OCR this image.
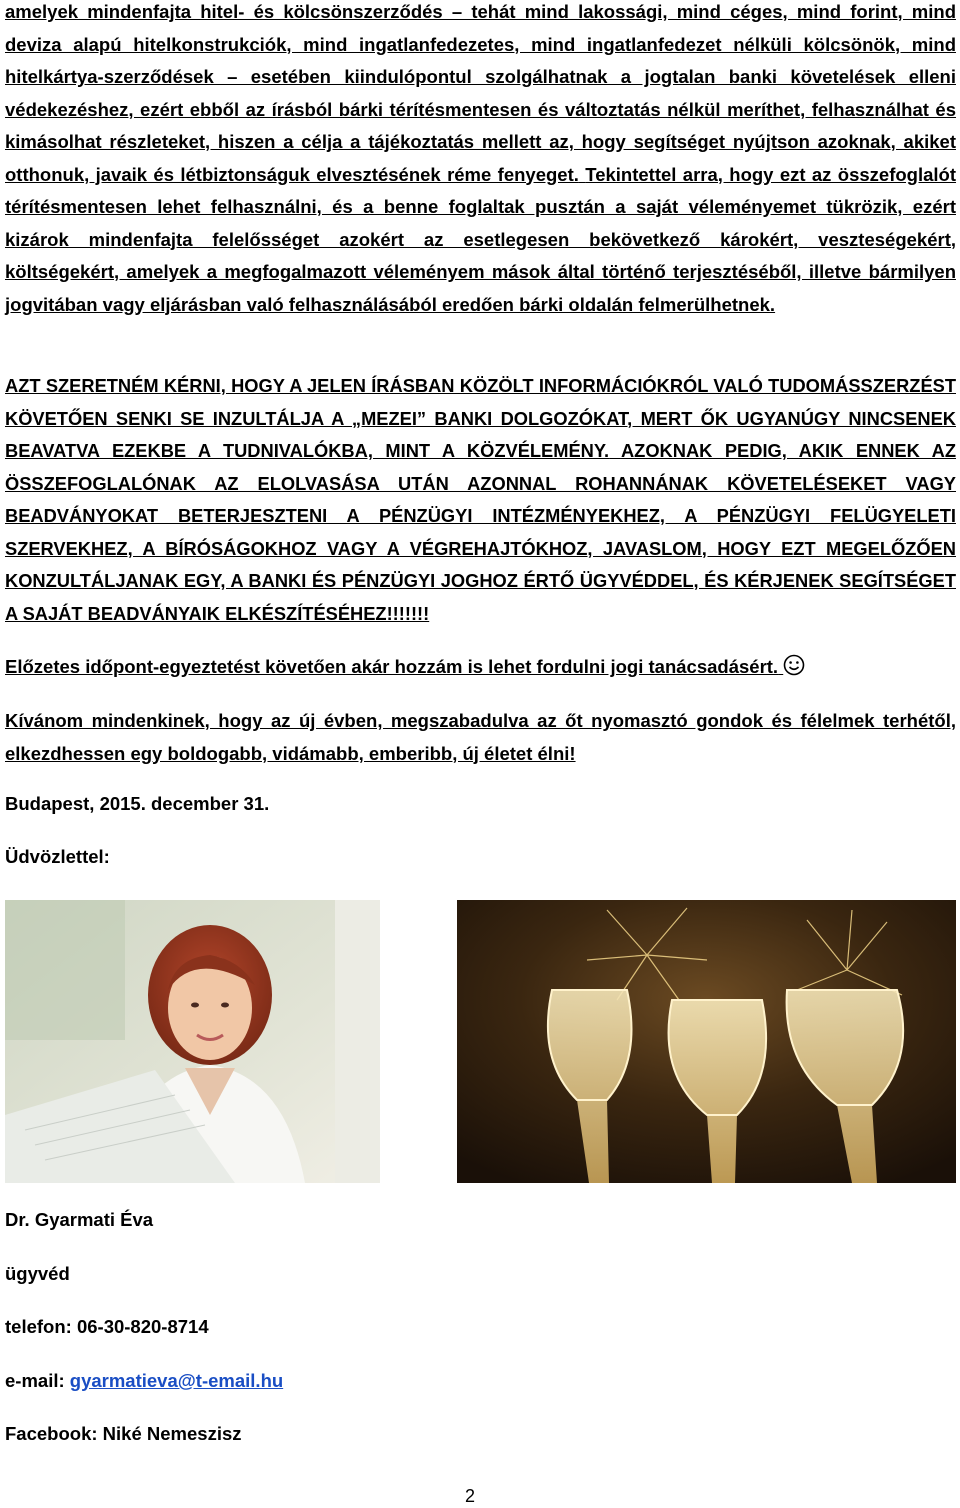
amelyek mindenfajta hitel- és kölcsönszerződés – tehát mind lakossági, mind céges, mind forint, mind deviza alapú hitelkonstrukciók, mind ingatlanfedezetes, mind ingatlanfedezet nélküli kölcsönök, mind hitelkártya-szerződések – esetében kiindulópontul szolgálhatnak a jogtalan banki követelések elleni védekezéshez, ezért ebből az írásból bárki térítésmentesen és változtatás nélkül meríthet, felhasználhat és kimásolhat részleteket, hiszen a célja a tájékoztatás mellett az, hogy segítséget nyújtson azoknak, akiket otthonuk, javaik és létbiztonságuk elvesztésének réme fenyeget. Tekintettel arra, hogy ezt az összefoglalót térítésmentesen lehet felhasználni, és a benne foglaltak pusztán a saját véleményemet tükrözik, ezért kizárok mindenfajta felelősséget azokért az esetlegesen bekövetkező károkért, veszteségekért, költségekért, amelyek a megfogalmazott véleményem mások által történő terjesztéséből, illetve bármilyen jogvitában vagy eljárásban való felhasználásából eredően bárki oldalán felmerülhetnek.

AZT SZERETNÉM KÉRNI, HOGY A JELEN ÍRÁSBAN KÖZÖLT INFORMÁCIÓKRÓL VALÓ TUDOMÁSSZERZÉST KÖVETŐEN SENKI SE INZULTÁLJA A „MEZEI” BANKI DOLGOZÓKAT, MERT ŐK UGYANÚGY NINCSENEK BEAVATVA EZEKBE A TUDNIVALÓKBA, MINT A KÖZVÉLEMÉNY. AZOKNAK PEDIG, AKIK ENNEK AZ ÖSSZEFOGLALÓNAK AZ ELOLVASÁSA UTÁN AZONNAL ROHANNÁNAK KÖVETELÉSEKET VAGY BEADVÁNYOKAT BETERJESZTENI A PÉNZÜGYI INTÉZMÉNYEKHEZ, A PÉNZÜGYI FELÜGYELETI SZERVEKHEZ, A BÍRÓSÁGOKHOZ VAGY A VÉGREHAJTÓKHOZ, JAVASLOM, HOGY EZT MEGELŐZŐEN KONZULTÁLJANAK EGY, A BANKI ÉS PÉNZÜGYI JOGHOZ ÉRTŐ ÜGYVÉDDEL, ÉS KÉRJENEK SEGÍTSÉGET A SAJÁT BEADVÁNYAIK ELKÉSZÍTÉSÉHEZ!!!!!!!

Előzetes időpont-egyeztetést követően akár hozzám is lehet fordulni jogi tanácsadásért.

Kívánom mindenkinek, hogy az új évben, megszabadulva az őt nyomasztó gondok és félelmek terhétől, elkezdhessen egy boldogabb, vidámabb, emberibb, új életet élni!

Budapest, 2015. december 31.

Üdvözlettel:

Dr. Gyarmati Éva

ügyvéd

telefon: 06-30-820-8714

e-mail: gyarmatieva@t-email.hu

Facebook: Niké Nemeszisz

2
